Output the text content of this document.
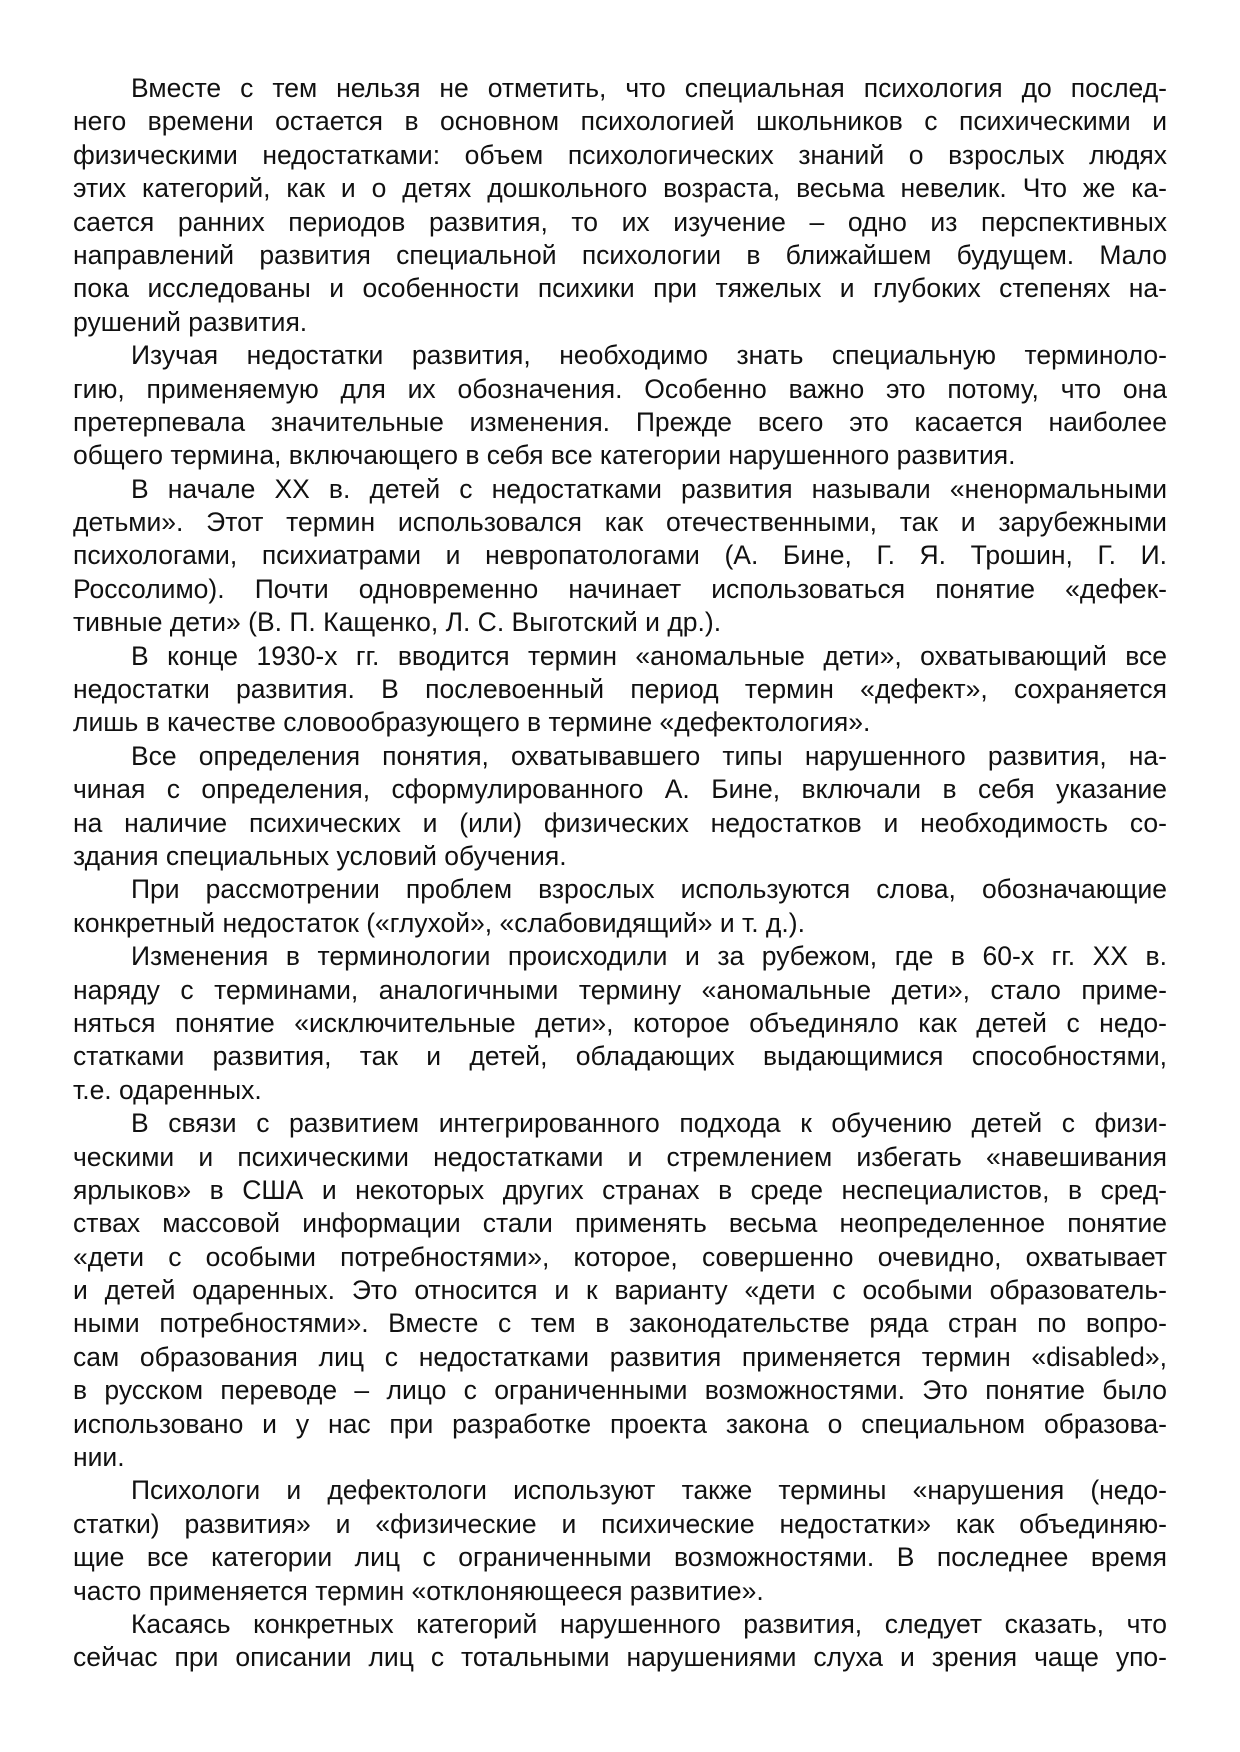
Вместе с тем нельзя не отметить, что специальная психология до послед-
него времени остается в основном психологией школьников с психическими и
физическими недостатками: объем психологических знаний о взрослых людях
этих категорий, как и о детях дошкольного возраста, весьма невелик. Что же ка-
сается ранних периодов развития, то их изучение – одно из перспективных
направлений развития специальной психологии в ближайшем будущем. Мало
пока исследованы и особенности психики при тяжелых и глубоких степенях на-
рушений развития.
Изучая недостатки развития, необходимо знать специальную терминоло-
гию, применяемую для их обозначения. Особенно важно это потому, что она
претерпевала значительные изменения. Прежде всего это касается наиболее
общего термина, включающего в себя все категории нарушенного развития.
В начале XX в. детей с недостатками развития называли «ненормальными
детьми». Этот термин использовался как отечественными, так и зарубежными
психологами, психиатрами и невропатологами (А. Бине, Г. Я. Трошин, Г. И.
Россолимо). Почти одновременно начинает использоваться понятие «дефек-
тивные дети» (В. П. Кащенко, Л. С. Выготский и др.).
В конце 1930-х гг. вводится термин «аномальные дети», охватывающий все
недостатки развития. В послевоенный период термин «дефект», сохраняется
лишь в качестве словообразующего в термине «дефектология».
Все определения понятия, охватывавшего типы нарушенного развития, на-
чиная с определения, сформулированного А. Бине, включали в себя указание
на наличие психических и (или) физических недостатков и необходимость со-
здания специальных условий обучения.
При рассмотрении проблем взрослых используются слова, обозначающие
конкретный недостаток («глухой», «слабовидящий» и т. д.).
Изменения в терминологии происходили и за рубежом, где в 60-х гг. XX в.
наряду с терминами, аналогичными термину «аномальные дети», стало приме-
няться понятие «исключительные дети», которое объединяло как детей с недо-
статками развития, так и детей, обладающих выдающимися способностями,
т.е. одаренных.
В связи с развитием интегрированного подхода к обучению детей с физи-
ческими и психическими недостатками и стремлением избегать «навешивания
ярлыков» в США и некоторых других странах в среде неспециалистов, в сред-
ствах массовой информации стали применять весьма неопределенное понятие
«дети с особыми потребностями», которое, совершенно очевидно, охватывает
и детей одаренных. Это относится и к варианту «дети с особыми образователь-
ными потребностями». Вместе с тем в законодательстве ряда стран по вопро-
сам образования лиц с недостатками развития применяется термин «disabled»,
в русском переводе – лицо с ограниченными возможностями. Это понятие было
использовано и у нас при разработке проекта закона о специальном образова-
нии.
Психологи и дефектологи используют также термины «нарушения (недо-
статки) развития» и «физические и психические недостатки» как объединяю-
щие все категории лиц с ограниченными возможностями. В последнее время
часто применяется термин «отклоняющееся развитие».
Касаясь конкретных категорий нарушенного развития, следует сказать, что
сейчас при описании лиц с тотальными нарушениями слуха и зрения чаще упо-
